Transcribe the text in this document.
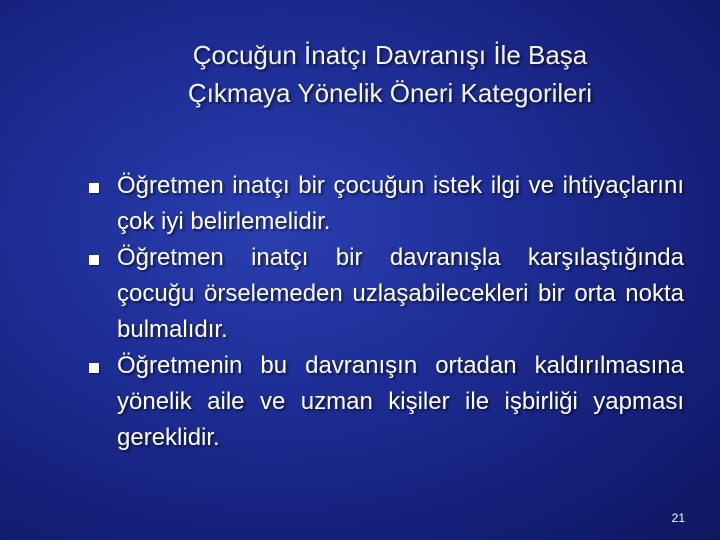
Çocuğun İnatçı Davranışı İle Başa
Çıkmaya Yönelik Öneri Kategorileri
Öğretmen inatçı bir çocuğun istek ilgi ve ihtiyaçlarını çok iyi belirlemelidir.
Öğretmen inatçı bir davranışla karşılaştığında çocuğu örselemeden uzlaşabilecekleri bir orta nokta bulmalıdır.
Öğretmenin bu davranışın ortadan kaldırılmasına yönelik aile ve uzman kişiler ile işbirliği yapması gereklidir.
21
